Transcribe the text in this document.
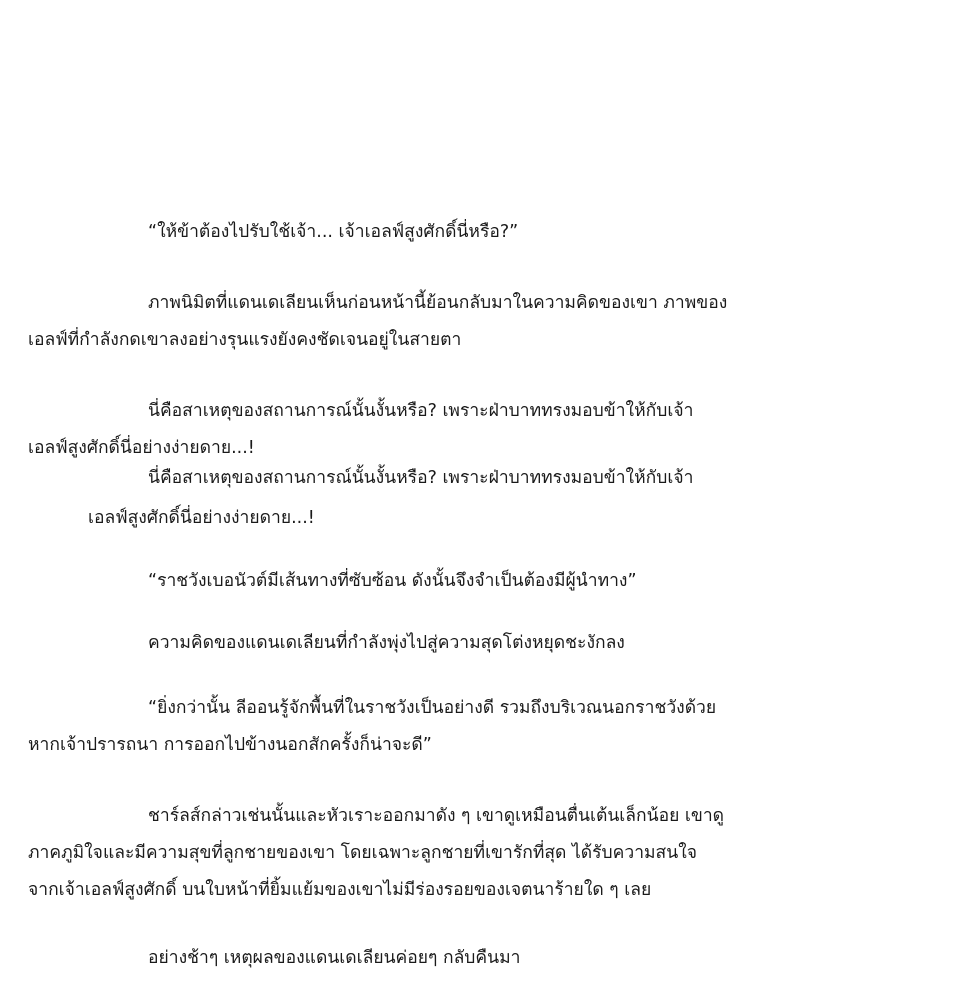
“ให้ข้าต้องไปรับใช้เจ้า... เจ้าเอลฟ์สูงศักดิ์นี่หรือ?”

ภาพนิมิตที่แดนเดเลียนเห็นก่อนหน้านี้ย้อนกลับมาในความคิดของเขา ภาพของ
เอลฟ์ที่กำลังกดเขาลงอย่างรุนแรงยังคงชัดเจนอยู่ในสายตา

นี่คือสาเหตุของสถานการณ์นั้นงั้นหรือ? เพราะฝ่าบาททรงมอบข้าให้กับเจ้า
เอลฟ์สูงศักดิ์นี่อย่างง่ายดาย...!

นี่คือสาเหตุของสถานการณ์นั้นงั้นหรือ? เพราะฝ่าบาททรงมอบข้าให้กับเจ้า

เอลฟ์สูงศักดิ์นี่อย่างง่ายดาย...!

“ราชวังเบอนัวต์มีเส้นทางที่ซับซ้อน ดังนั้นจึงจำเป็นต้องมีผู้นำทาง”

ความคิดของแดนเดเลียนที่กำลังพุ่งไปสู่ความสุดโต่งหยุดชะงักลง

“ยิ่งกว่านั้น ลีออนรู้จักพื้นที่ในราชวังเป็นอย่างดี รวมถึงบริเวณนอกราชวังด้วย
หากเจ้าปรารถนา การออกไปข้างนอกสักครั้งก็น่าจะดี”

ชาร์ลส์กล่าวเช่นนั้นและหัวเราะออกมาดัง ๆ เขาดูเหมือนตื่นเต้นเล็กน้อย เขาดู
ภาคภูมิใจและมีความสุขที่ลูกชายของเขา โดยเฉพาะลูกชายที่เขารักที่สุด ได้รับความสนใจ
จากเจ้าเอลฟ์สูงศักดิ์ บนใบหน้าที่ยิ้มแย้มของเขาไม่มีร่องรอยของเจตนาร้ายใด ๆ เลย

อย่างช้าๆ เหตุผลของแดนเดเลียนค่อยๆ กลับคืนมา
